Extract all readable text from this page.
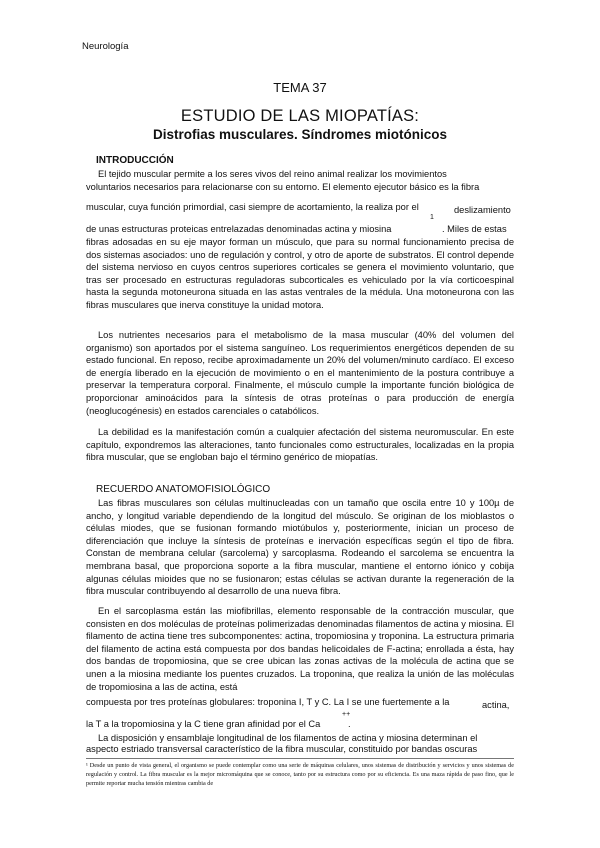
Neurología
TEMA 37
ESTUDIO DE LAS MIOPATÍAS:
Distrofias musculares. Síndromes miotónicos
INTRODUCCIÓN

El tejido muscular permite a los seres vivos del reino animal realizar los movimientos

voluntarios necesarios para relacionarse con su entorno. El elemento ejecutor básico es la fibra

muscular, cuya función primordial, casi siempre de acortamiento, la realiza por el	deslizamiento
de unas estructuras proteicas entrelazadas denominadas actina y miosina
1
. Miles de estas

fibras adosadas en su eje mayor forman un músculo, que para su normal funcionamiento precisa de dos sistemas asociados: uno de regulación y control, y otro de aporte de substratos. El control depende del sistema nervioso en cuyos centros superiores corticales se genera el movimiento voluntario, que tras ser procesado en estructuras reguladoras subcorticales es vehiculado por la vía corticoespinal hasta la segunda motoneurona situada en las astas ventrales de la médula. Una motoneurona con las fibras musculares que inerva constituye la unidad motora.

Los nutrientes necesarios para el metabolismo de la masa muscular (40% del volumen del organismo) son aportados por el sistema sanguíneo. Los requerimientos energéticos dependen de su estado funcional. En reposo, recibe aproximadamente un 20% del volumen/minuto cardíaco. El exceso de energía liberado en la ejecución de movimiento o en el mantenimiento de la postura contribuye a preservar la temperatura corporal. Finalmente, el músculo cumple la importante función biológica de proporcionar aminoácidos para la síntesis de otras proteínas o para producción de energía (neoglucogénesis) en estados carenciales o catabólicos.

La debilidad es la manifestación común a cualquier afectación del sistema neuromuscular. En este capítulo, expondremos las alteraciones, tanto funcionales como estructurales, localizadas en la propia fibra muscular, que se engloban bajo el término genérico de miopatías.

RECUERDO ANATOMOFISIOLÓGICO

Las fibras musculares son células multinucleadas con un tamaño que oscila entre 10 y 100µ de ancho, y longitud variable dependiendo de la longitud del músculo. Se originan de los mioblastos o células miodes, que se fusionan formando miotúbulos y, posteriormente, inician un proceso de diferenciación que incluye la síntesis de proteínas e inervación específicas según el tipo de fibra. Constan de membrana celular (sarcolema) y sarcoplasma. Rodeando el sarcolema se encuentra la membrana basal, que proporciona soporte a la fibra muscular, mantiene el entorno iónico y cobija algunas células mioides que no se fusionaron; estas células se activan durante la regeneración de la fibra muscular contribuyendo al desarrollo de una nueva fibra.

En el sarcoplasma están las miofibrillas, elemento responsable de la contracción muscular, que consisten en dos moléculas de proteínas polimerizadas denominadas filamentos de actina y miosina. El filamento de actina tiene tres subcomponentes: actina, tropomiosina y troponina. La estructura primaria del filamento de actina está compuesta por dos bandas helicoidales de F-actina; enrollada a ésta, hay dos bandas de tropomiosina, que se cree ubican las zonas activas de la molécula de actina que se unen a la miosina mediante los puentes cruzados. La troponina, que realiza la unión de las moléculas de tropomiosina a las de actina, está

compuesta por tres proteínas globulares: troponina I, T y C. La I se une fuertemente a la	actina,
la T a la tropomiosina y la C tiene gran afinidad por el Ca
++
.

La disposición y ensamblaje longitudinal de los filamentos de actina y miosina determinan el

aspecto estriado transversal característico de la fibra muscular, constituido por bandas oscuras

¹ Desde un punto de vista general, el organismo se puede contemplar como una serie de máquinas celulares, unos sistemas de distribución y servicios y unos sistemas de regulación y control. La fibra muscular es la mejor micromáquina que se conoce, tanto por su estructura como por su eficiencia. Es una maza rápida de paso fino, que le permite reportar mucha tensión mientras cambia de
